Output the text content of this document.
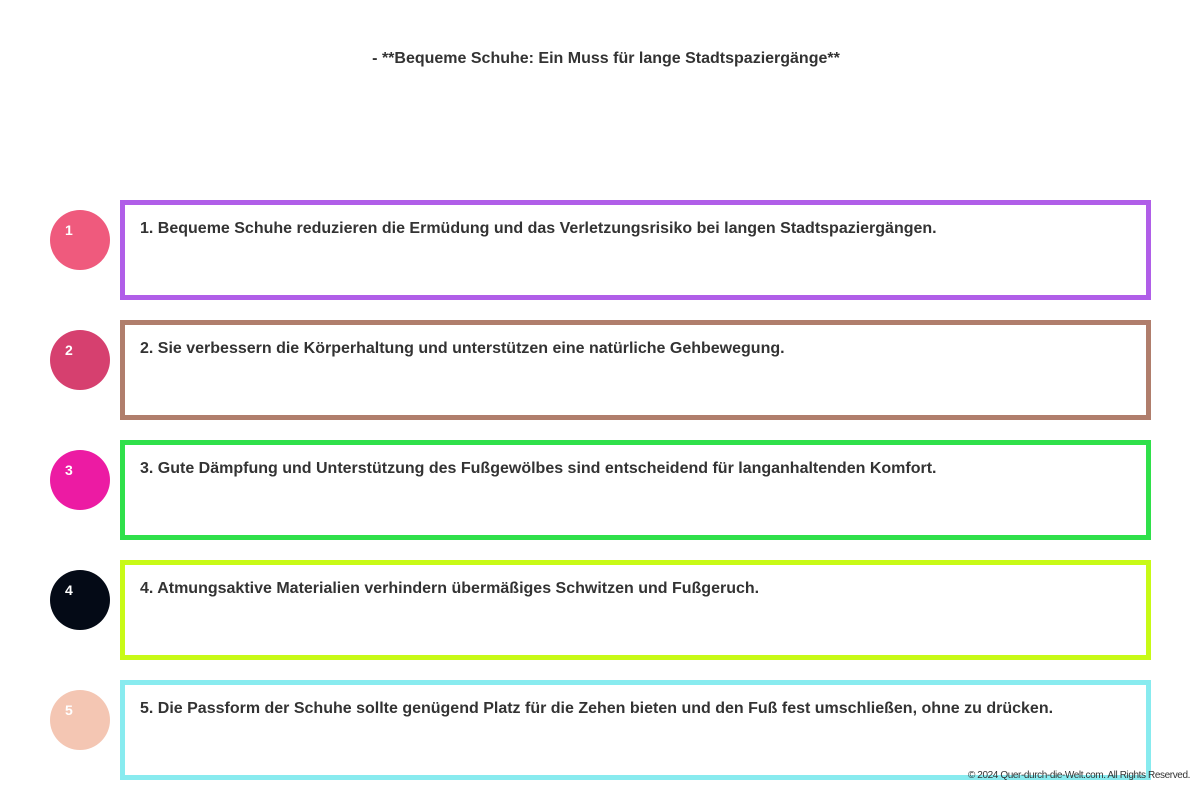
- **Bequeme Schuhe: Ein Muss für lange Stadtspaziergänge**
1	1. Bequeme Schuhe reduzieren die Ermüdung und das Verletzungsrisiko bei langen Stadtspaziergängen.
2	2. Sie verbessern die Körperhaltung und unterstützen eine natürliche Gehbewegung.
3	3. Gute Dämpfung und Unterstützung des Fußgewölbes sind entscheidend für langanhaltenden Komfort.
4	4. Atmungsaktive Materialien verhindern übermäßiges Schwitzen und Fußgeruch.
5	5. Die Passform der Schuhe sollte genügend Platz für die Zehen bieten und den Fuß fest umschließen, ohne zu drücken.
© 2024 Quer-durch-die-Welt.com. All Rights Reserved.
